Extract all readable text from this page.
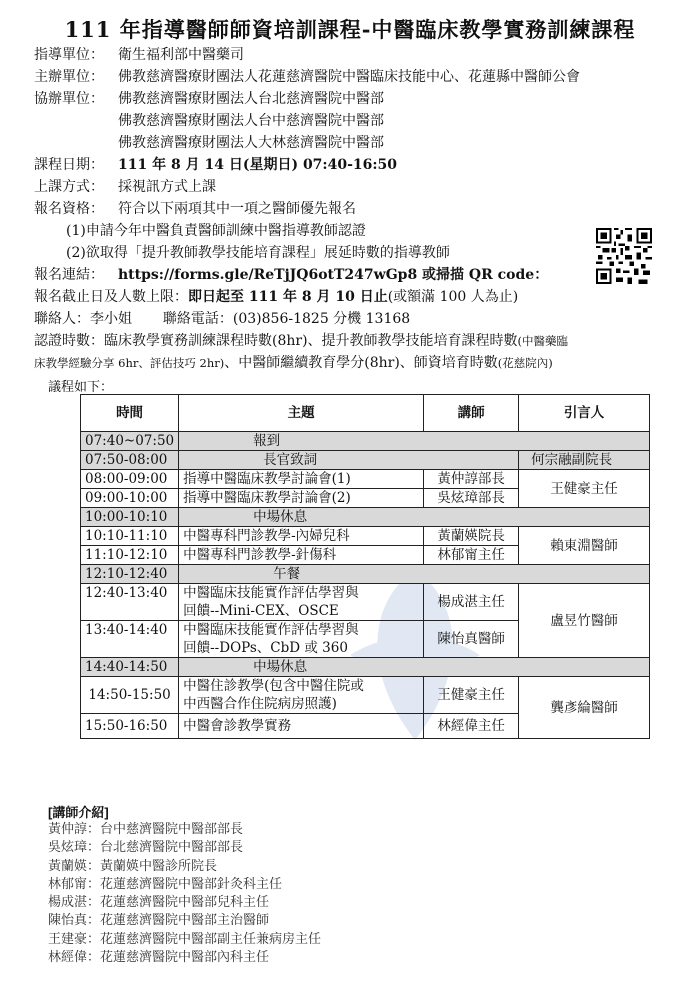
111 年指導醫師師資培訓課程-中醫臨床教學實務訓練課程
指導單位： 衛生福利部中醫藥司
主辦單位： 佛教慈濟醫療財團法人花蓮慈濟醫院中醫臨床技能中心、花蓮縣中醫師公會
協辦單位： 佛教慈濟醫療財團法人台北慈濟醫院中醫部
佛教慈濟醫療財團法人台中慈濟醫院中醫部
佛教慈濟醫療財團法人大林慈濟醫院中醫部
課程日期： 111 年 8 月 14 日(星期日) 07:40-16:50
上課方式： 採視訊方式上課
報名資格： 符合以下兩項其中一項之醫師優先報名
(1)申請今年中醫負責醫師訓練中醫指導教師認證
(2)欲取得「提升教師教學技能培育課程」展延時數的指導教師
報名連結： https://forms.gle/ReTjJQ6otT247wGp8 或掃描 QR code：
報名截止日及人數上限：即日起至 111 年 8 月 10 日止(或額滿 100 人為止)
聯絡人：李小姐 聯絡電話：(03)856-1825 分機 13168
認證時數：臨床教學實務訓練課程時數(8hr)、提升教師教學技能培育課程時數(中醫藥臨
床教學經驗分享 6hr、評估技巧 2hr)、中醫師繼續教育學分(8hr)、師資培育時數(花慈院內)
議程如下：
時間	主題	講師	引言人
07:40~07:50	報到		
07:50-08:00	長官致詞		何宗融副院長
08:00-09:00	指導中醫臨床教學討論會(1)	黃仲諄部長	王健豪主任
09:00-10:00	指導中醫臨床教學討論會(2)	吳炫璋部長	
10:00-10:10	中場休息		
10:10-11:10	中醫專科門診教學-內婦兒科	黃蘭媖院長	賴東淵醫師
11:10-12:10	中醫專科門診教學-針傷科	林郁甯主任	
12:10-12:40	午餐		
12:40-13:40	中醫臨床技能實作評估學習與
回饋--Mini-CEX、OSCE	楊成湛主任	盧昱竹醫師
13:40-14:40	中醫臨床技能實作評估學習與
回饋--DOPs、CbD 或 360	陳怡真醫師	
14:40-14:50	中場休息		
14:50-15:50	中醫住診教學(包含中醫住院或
中西醫合作住院病房照護)	王健豪主任	龔彥綸醫師
15:50-16:50	中醫會診教學實務	林經偉主任	
[講師介紹]
黃仲諄：台中慈濟醫院中醫部部長
吳炫璋：台北慈濟醫院中醫部部長
黃蘭媖：黃蘭媖中醫診所院長
林郁甯：花蓮慈濟醫院中醫部針灸科主任
楊成湛：花蓮慈濟醫院中醫部兒科主任
陳怡真：花蓮慈濟醫院中醫部主治醫師
王建豪：花蓮慈濟醫院中醫部副主任兼病房主任
林經偉：花蓮慈濟醫院中醫部內科主任
